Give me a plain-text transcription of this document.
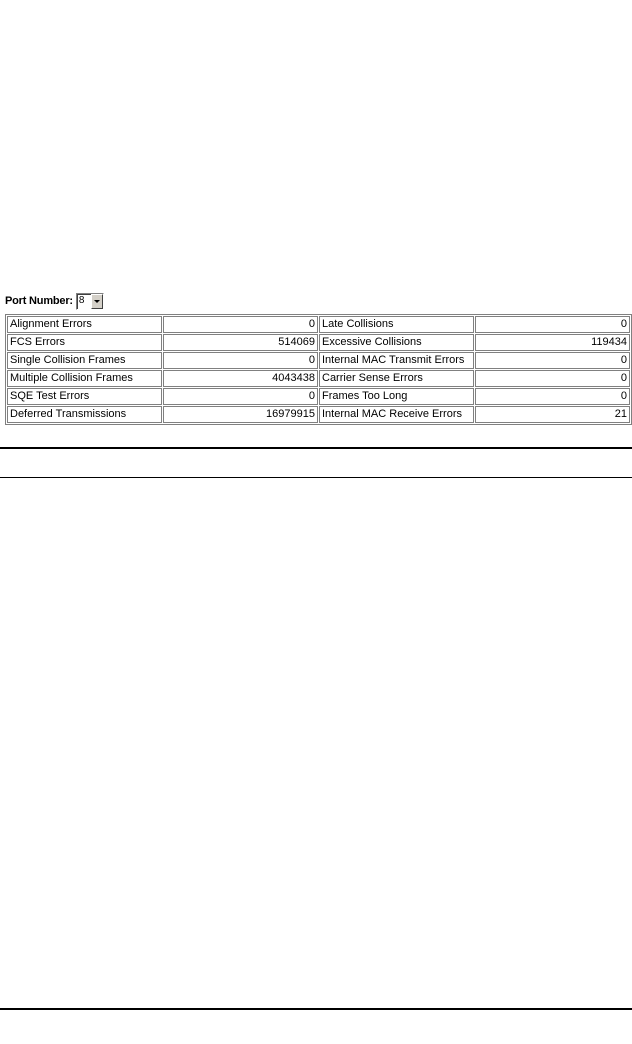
Port Number: 8
Alignment Errors	0	Late Collisions	0
FCS Errors	514069	Excessive Collisions	119434
Single Collision Frames	0	Internal MAC Transmit Errors	0
Multiple Collision Frames	4043438	Carrier Sense Errors	0
SQE Test Errors	0	Frames Too Long	0
Deferred Transmissions	16979915	Internal MAC Receive Errors	21
